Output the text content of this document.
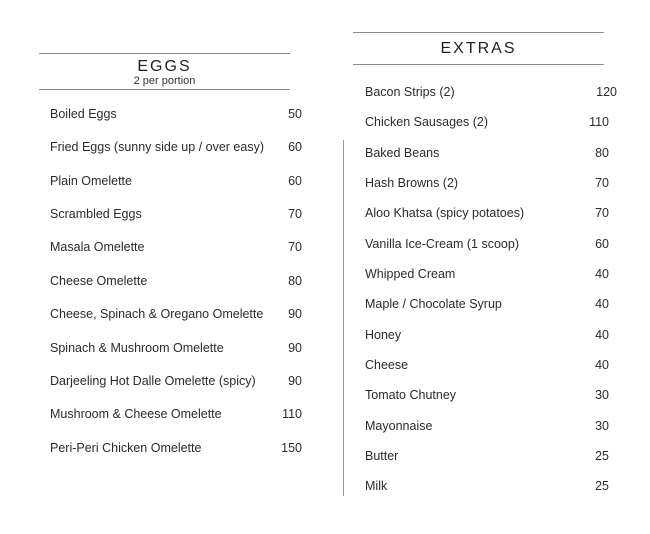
EGGS
2 per portion
Boiled Eggs	50
Fried Eggs (sunny side up / over easy) 60
Plain Omelette	60
Scrambled Eggs	70
Masala Omelette	70
Cheese Omelette	80
Cheese, Spinach & Oregano Omelette 90
Spinach & Mushroom Omelette	90
Darjeeling Hot Dalle Omelette (spicy)	90
Mushroom & Cheese Omelette	110
Peri-Peri Chicken Omelette	150
EXTRAS
Bacon Strips (2)	120
Chicken Sausages (2)	110
Baked Beans	80
Hash Browns (2)	70
Aloo Khatsa (spicy potatoes)	70
Vanilla Ice-Cream (1 scoop)	60
Whipped Cream	40
Maple / Chocolate Syrup	40
Honey	40
Cheese	40
Tomato Chutney	30
Mayonnaise	30
Butter	25
Milk	25
